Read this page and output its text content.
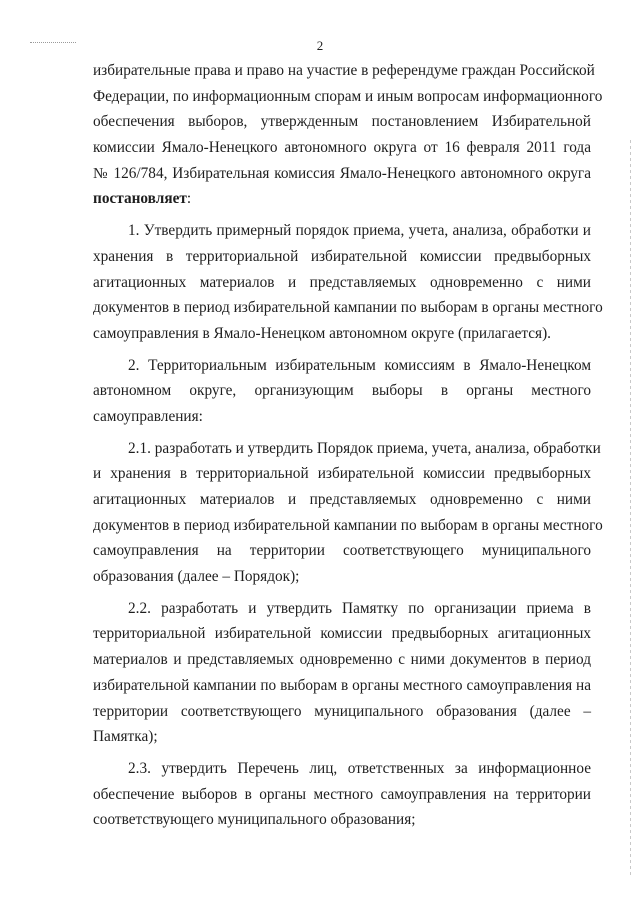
2
избирательные права и право на участие в референдуме граждан Российской
Федерации, по информационным спорам и иным вопросам информационного
обеспечения выборов, утвержденным постановлением Избирательной
комиссии Ямало-Ненецкого автономного округа от 16 февраля 2011 года
№ 126/784, Избирательная комиссия Ямало-Ненецкого автономного округа
постановляет:
1. Утвердить примерный порядок приема, учета, анализа, обработки и
хранения в территориальной избирательной комиссии предвыборных
агитационных материалов и представляемых одновременно с ними
документов в период избирательной кампании по выборам в органы местного
самоуправления в Ямало-Ненецком автономном округе (прилагается).
2. Территориальным избирательным комиссиям в Ямало-Ненецком
автономном округе, организующим выборы в органы местного
самоуправления:
2.1. разработать и утвердить Порядок приема, учета, анализа, обработки
и хранения в территориальной избирательной комиссии предвыборных
агитационных материалов и представляемых одновременно с ними
документов в период избирательной кампании по выборам в органы местного
самоуправления на территории соответствующего муниципального
образования (далее – Порядок);
2.2. разработать и утвердить Памятку по организации приема в
территориальной избирательной комиссии предвыборных агитационных
материалов и представляемых одновременно с ними документов в период
избирательной кампании по выборам в органы местного самоуправления на
территории соответствующего муниципального образования (далее –
Памятка);
2.3. утвердить Перечень лиц, ответственных за информационное
обеспечение выборов в органы местного самоуправления на территории
соответствующего муниципального образования;
